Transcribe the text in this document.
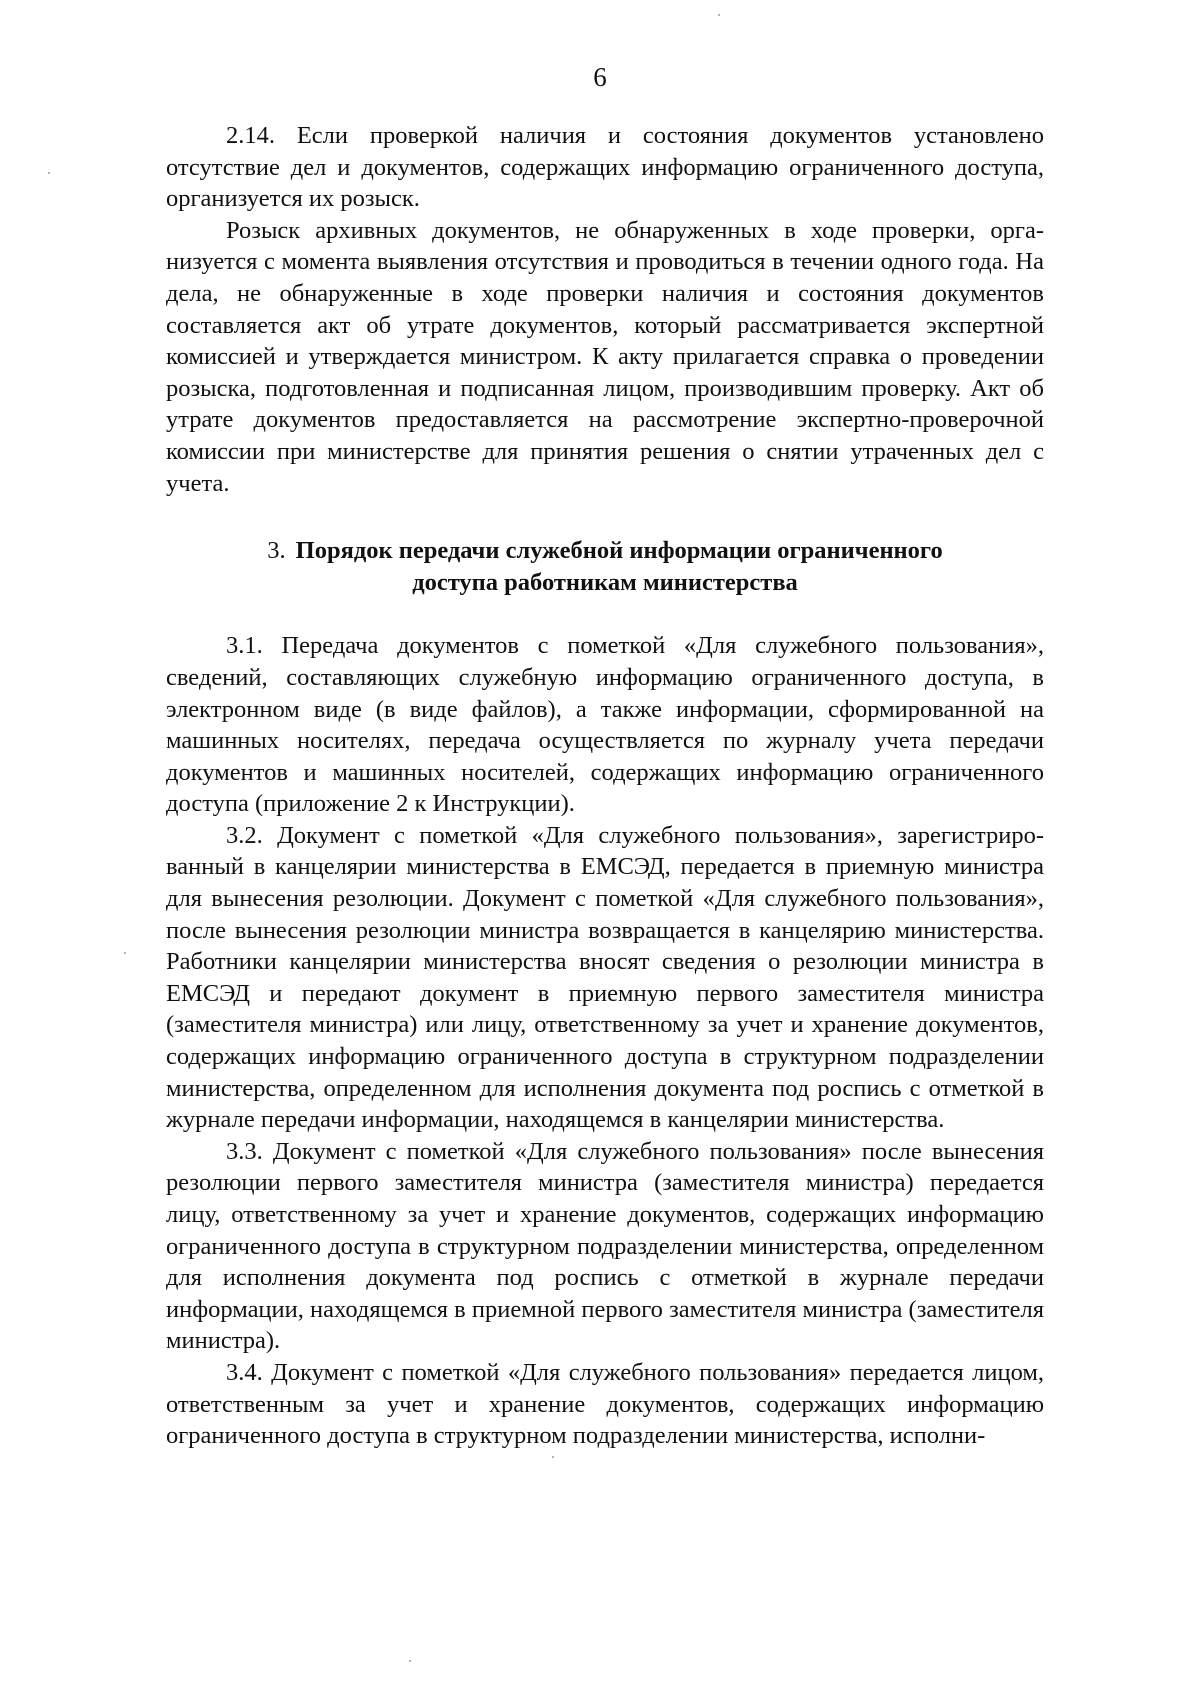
6

2.14. Если проверкой наличия и состояния документов установлено отсутствие дел и документов, содержащих информацию ограниченного доступа, организуется их розыск.

Розыск архивных документов, не обнаруженных в ходе проверки, организуется с момента выявления отсутствия и проводиться в течении одного года. На дела, не обнаруженные в ходе проверки наличия и состояния документов составляется акт об утрате документов, который рассматривается экспертной комиссией и утверждается министром. К акту прилагается справка о проведении розыска, подготовленная и подписанная лицом, производившим проверку. Акт об утрате документов предоставляется на рассмотрение экспертно-проверочной комиссии при министерстве для принятия решения о снятии утраченных дел с учета.

3. Порядок передачи служебной информации ограниченного
доступа работникам министерства

3.1. Передача документов с пометкой «Для служебного пользования», сведений, составляющих служебную информацию ограниченного доступа, в электронном виде (в виде файлов), а также информации, сформированной на машинных носителях, передача осуществляется по журналу учета передачи документов и машинных носителей, содержащих информацию ограниченного доступа (приложение 2 к Инструкции).

3.2. Документ с пометкой «Для служебного пользования», зарегистрированный в канцелярии министерства в ЕМСЭД, передается в приемную министра для вынесения резолюции. Документ с пометкой «Для служебного пользования», после вынесения резолюции министра возвращается в канцелярию министерства. Работники канцелярии министерства вносят сведения о резолюции министра в ЕМСЭД и передают документ в приемную первого заместителя министра (заместителя министра) или лицу, ответственному за учет и хранение документов, содержащих информацию ограниченного доступа в структурном подразделении министерства, определенном для исполнения документа под роспись с отметкой в журнале передачи информации, находящемся в канцелярии министерства.

3.3. Документ с пометкой «Для служебного пользования» после вынесения резолюции первого заместителя министра (заместителя министра) передается лицу, ответственному за учет и хранение документов, содержащих информацию ограниченного доступа в структурном подразделении министерства, определенном для исполнения документа под роспись с отметкой в журнале передачи информации, находящемся в приемной первого заместителя министра (заместителя министра).

3.4. Документ с пометкой «Для служебного пользования» передается лицом, ответственным за учет и хранение документов, содержащих информацию ограниченного доступа в структурном подразделении министерства, исполни-
